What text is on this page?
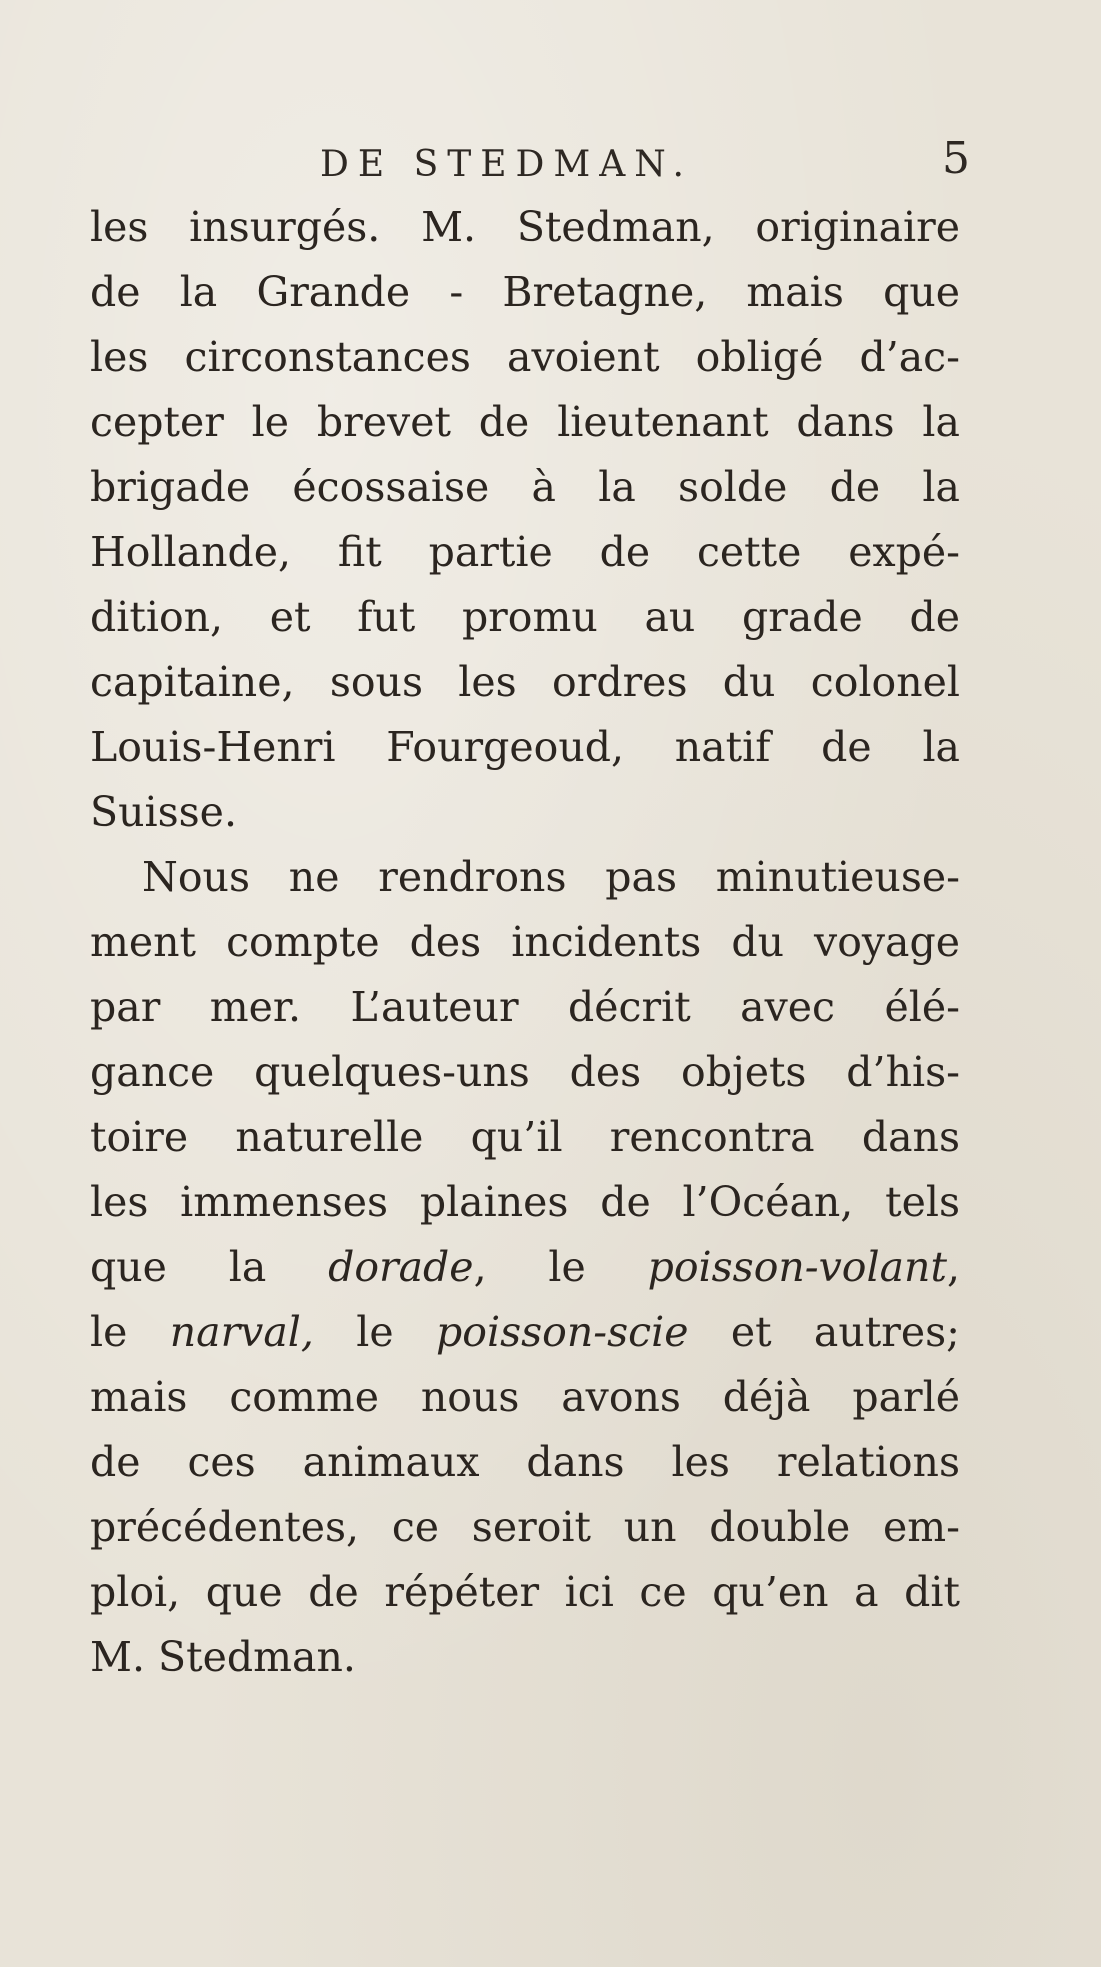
DE STEDMAN.	5
les insurgés. M. Stedman, originaire
de la Grande - Bretagne, mais que
les circonstances avoient obligé d’ac-
cepter le brevet de lieutenant dans la
brigade écossaise à la solde de la
Hollande, fit partie de cette expé-
dition, et fut promu au grade de
capitaine, sous les ordres du colonel
Louis-Henri Fourgeoud, natif de la
Suisse.
Nous ne rendrons pas minutieuse-
ment compte des incidents du voyage
par mer. L’auteur décrit avec élé-
gance quelques-uns des objets d’his-
toire naturelle qu’il rencontra dans
les immenses plaines de l’Océan, tels
que la dorade, le poisson-volant,
le narval, le poisson-scie et autres;
mais comme nous avons déjà parlé
de ces animaux dans les relations
précédentes, ce seroit un double em-
ploi, que de répéter ici ce qu’en a dit
M. Stedman.
